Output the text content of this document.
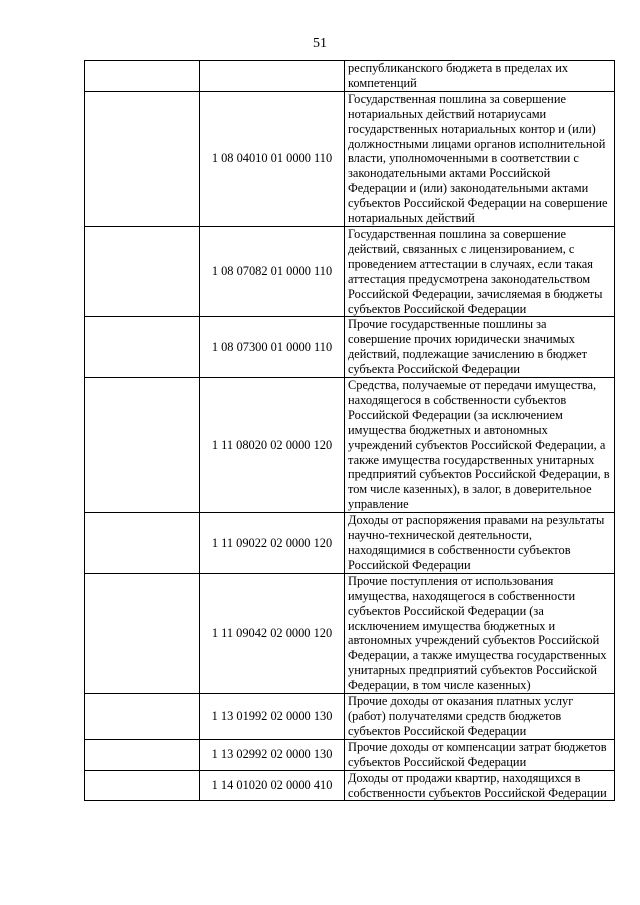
51
		республиканского бюджета в пределах их компетенций
	1 08 04010 01 0000 110	Государственная пошлина за совершение нотариальных действий нотариусами государственных нотариальных контор и (или) должностными лицами органов исполнительной власти, уполномоченными в соответствии с законодательными актами Российской Федерации и (или) законодательными актами субъектов Российской Федерации на совершение нотариальных действий
	1 08 07082 01 0000 110	Государственная пошлина за совершение действий, связанных с лицензированием, с проведением аттестации в случаях, если такая аттестация предусмотрена законодательством Российской Федерации, зачисляемая в бюджеты субъектов Российской Федерации
	1 08 07300 01 0000 110	Прочие государственные пошлины за совершение прочих юридически значимых действий, подлежащие зачислению в бюджет субъекта Российской Федерации
	1 11 08020 02 0000 120	Средства, получаемые от передачи имущества, находящегося в собственности субъектов Российской Федерации (за исключением имущества бюджетных и автономных учреждений субъектов Российской Федерации, а также имущества государственных унитарных предприятий субъектов Российской Федерации, в том числе казенных), в залог, в доверительное управление
	1 11 09022 02 0000 120	Доходы от распоряжения правами на результаты научно-технической деятельности, находящимися в собственности субъектов Российской Федерации
	1 11 09042 02 0000 120	Прочие поступления от использования имущества, находящегося в собственности субъектов Российской Федерации (за исключением имущества бюджетных и автономных учреждений субъектов Российской Федерации, а также имущества государственных унитарных предприятий субъектов Российской Федерации, в том числе казенных)
	1 13 01992 02 0000 130	Прочие доходы от оказания платных услуг (работ) получателями средств бюджетов субъектов Российской Федерации
	1 13 02992 02 0000 130	Прочие доходы от компенсации затрат бюджетов субъектов Российской Федерации
	1 14 01020 02 0000 410	Доходы от продажи квартир, находящихся в собственности субъектов Российской Федерации
